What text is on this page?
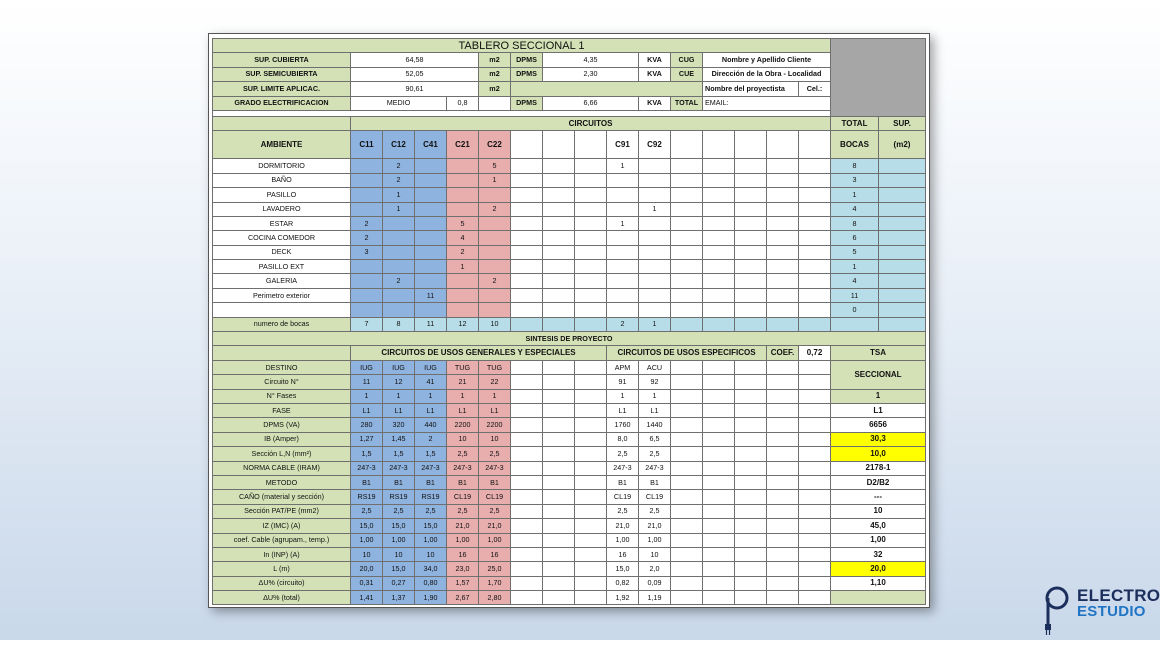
TABLERO SECCIONAL 1																	
SUP. CUBIERTA	64,58				m2	DPMS	4,35			KVA	CUG	Nombre y Apellido Cliente					
SUP. SEMICUBIERTA	52,05				m2	DPMS	2,30			KVA	CUE	Dirección de la Obra - Localidad					
SUP. LIMITE APLICAC.	90,61				m2							Nombre del proyectista			Cel.:		
GRADO ELECTRIFICACION	MEDIO			0,8		DPMS	6,66			KVA	TOTAL	EMAIL:					

	CIRCUITOS															TOTAL	SUP.
AMBIENTE	C11	C12	C41	C21	C22				C91	C92							
																BOCAS	(m2)
DORMITORIO		2			5				1							8	
BAÑO		2			1											3	
PASILLO		1														1	
LAVADERO		1			2					1						4	
ESTAR	2			5					1							8	
COCINA COMEDOR	2			4												6	
DECK	3			2												5	
PASILLO EXT				1												1	
GALERIA		2			2											4	
Perimetro exterior			11													11	
																0	
numero de bocas	7	8	11	12	10				2	1							
SINTESIS DE PROYECTO																	
	CIRCUITOS DE USOS GENERALES Y ESPECIALES								CIRCUITOS DE USOS ESPECIFICOS					COEF.	0,72	TSA	
DESTINO	IUG	IUG	IUG	TUG	TUG				APM	ACU						SECCIONAL	
Circuito N°	11	12	41	21	22				91	92							
N° Fases	1	1	1	1	1				1	1						1	
FASE	L1	L1	L1	L1	L1				L1	L1						L1	
DPMS (VA)	280	320	440	2200	2200				1760	1440						6656	
IB (Amper)	1,27	1,45	2	10	10				8,0	6,5						30,3	
Sección L,N (mm²)	1,5	1,5	1,5	2,5	2,5				2,5	2,5						10,0	
NORMA CABLE (IRAM)	247-3	247-3	247-3	247-3	247-3				247-3	247-3						2178-1	
METODO	B1	B1	B1	B1	B1				B1	B1						D2/B2	
CAÑO (material y sección)	RS19	RS19	RS19	CL19	CL19				CL19	CL19						---	
Sección PAT/PE (mm2)	2,5	2,5	2,5	2,5	2,5				2,5	2,5						10	
IZ (IMC) (A)	15,0	15,0	15,0	21,0	21,0				21,0	21,0						45,0	
coef. Cable (agrupam., temp.)	1,00	1,00	1,00	1,00	1,00				1,00	1,00						1,00	
In (INP) (A)	10	10	10	16	16				16	10						32	
L (m)	20,0	15,0	34,0	23,0	25,0				15,0	2,0						20,0	
ΔU% (circuito)	0,31	0,27	0,80	1,57	1,70				0,82	0,09						1,10	
ΔU% (total)	1,41	1,37	1,90	2,67	2,80				1,92	1,19								ELECTRO
ESTUDIO
